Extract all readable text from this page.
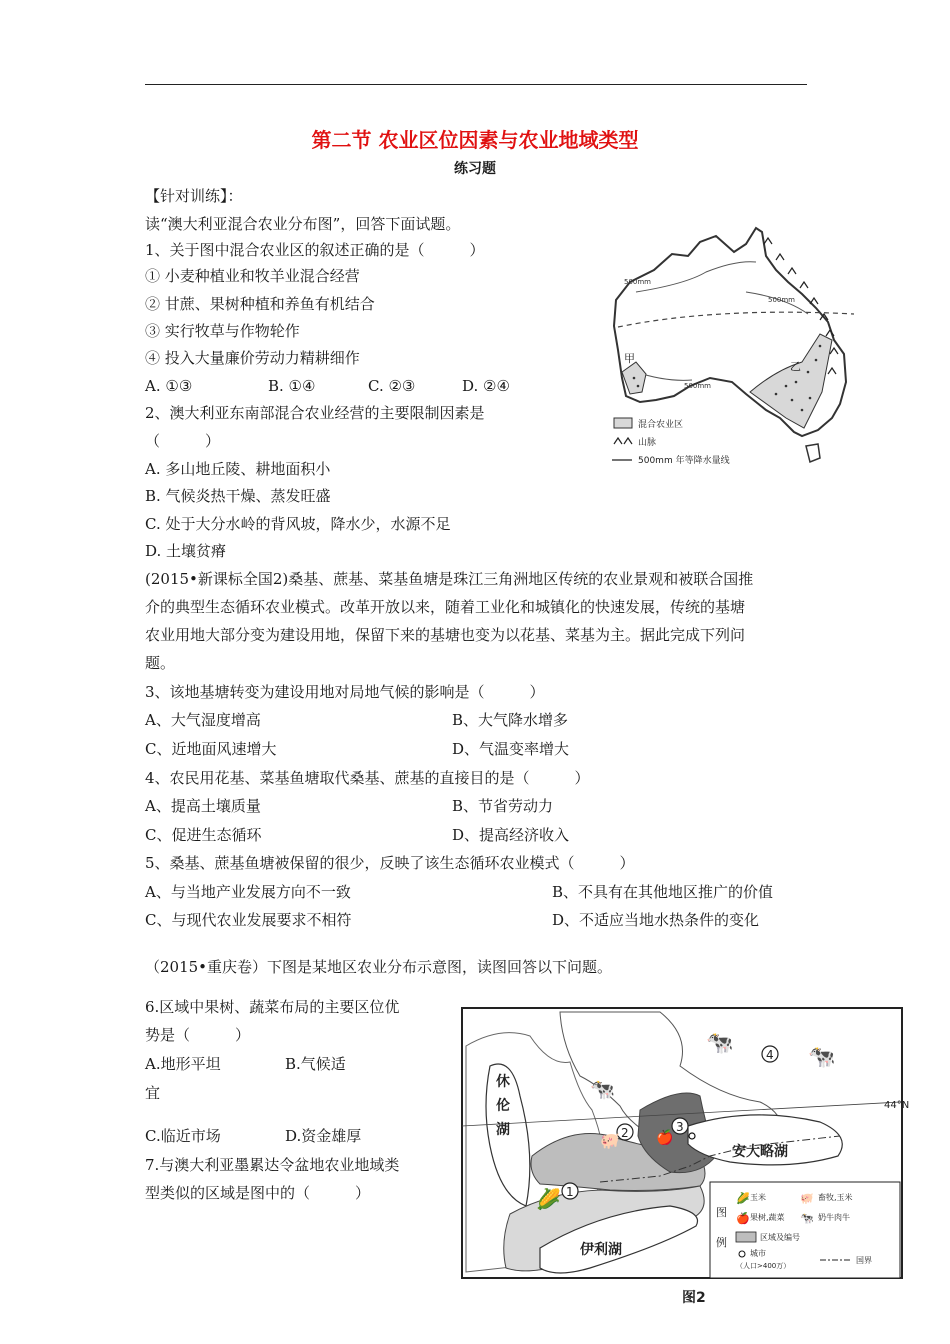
第二节 农业区位因素与农业地域类型
练习题
【针对训练】：
读“澳大利亚混合农业分布图”，回答下面试题。
1、关于图中混合农业区的叙述正确的是（　　　）
① 小麦种植业和牧羊业混合经营
② 甘蔗、果树种植和养鱼有机结合
③ 实行牧草与作物轮作
④ 投入大量廉价劳动力精耕细作
A. ①③	B. ①④	C. ②③	D. ②④
2、澳大利亚东南部混合农业经营的主要限制因素是
（　　　）
A. 多山地丘陵、耕地面积小
B. 气候炎热干燥、蒸发旺盛
C. 处于大分水岭的背风坡，降水少，水源不足
D. 土壤贫瘠
(2015•新课标全国2)桑基、蔗基、菜基鱼塘是珠江三角洲地区传统的农业景观和被联合国推
介的典型生态循环农业模式。改革开放以来，随着工业化和城镇化的快速发展，传统的基塘
农业用地大部分变为建设用地，保留下来的基塘也变为以花基、菜基为主。据此完成下列问
题。
3、该地基塘转变为建设用地对局地气候的影响是（　　　）
A、大气湿度增高	B、大气降水增多
C、近地面风速增大	D、气温变率增大
4、农民用花基、菜基鱼塘取代桑基、蔗基的直接目的是（　　　）
A、提高土壤质量	B、节省劳动力
C、促进生态循环	D、提高经济收入
5、桑基、蔗基鱼塘被保留的很少，反映了该生态循环农业模式（　　　）
A、与当地产业发展方向不一致	B、不具有在其他地区推广的价值
C、与现代农业发展要求不相符	D、不适应当地水热条件的变化
（2015•重庆卷）下图是某地区农业分布示意图，读图回答以下问题。
6.区域中果树、蔬菜布局的主要区位优
势是（　　　）
A.地形平坦	B.气候适
宜
C.临近市场	D.资金雄厚
7.与澳大利亚墨累达令盆地农业地域类
型类似的区域是图中的（　　　）
500mm
500mm
500mm
甲
乙
混合农业区
山脉
500mm 年等降水量线
休
伦
湖
安大略湖
伊利湖
44°N
1
2	3
4
🐄
🐄
🐄
🐖
🌽
🍎
图
例
🌽 玉米	🐖 畜牧,玉米
🍎 果树,蔬菜 🐄 奶牛肉牛
区域及编号
城市
（人口>400万）
国界
图2
